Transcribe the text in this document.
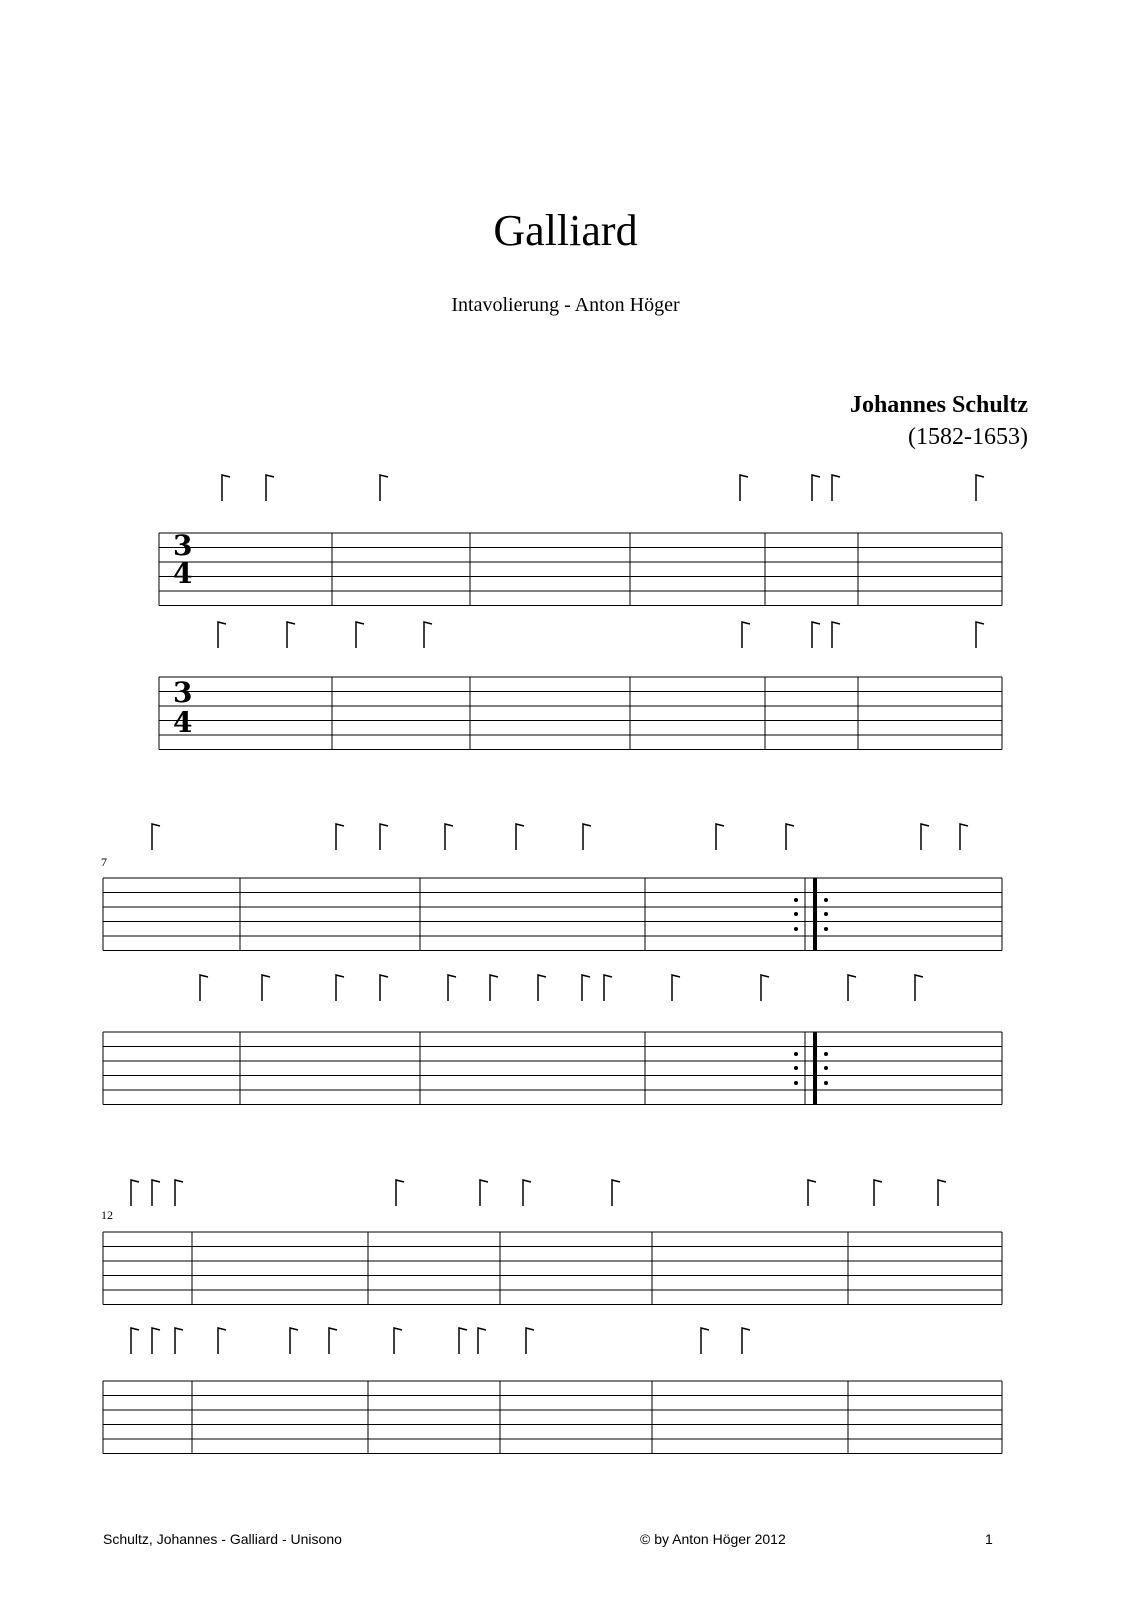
Galliard
Intavolierung - Anton Höger
Johannes Schultz
(1582-1653)
3
4
3
4
7
12
Schultz, Johannes - Galliard - Unisono	© by Anton Höger 2012	1
